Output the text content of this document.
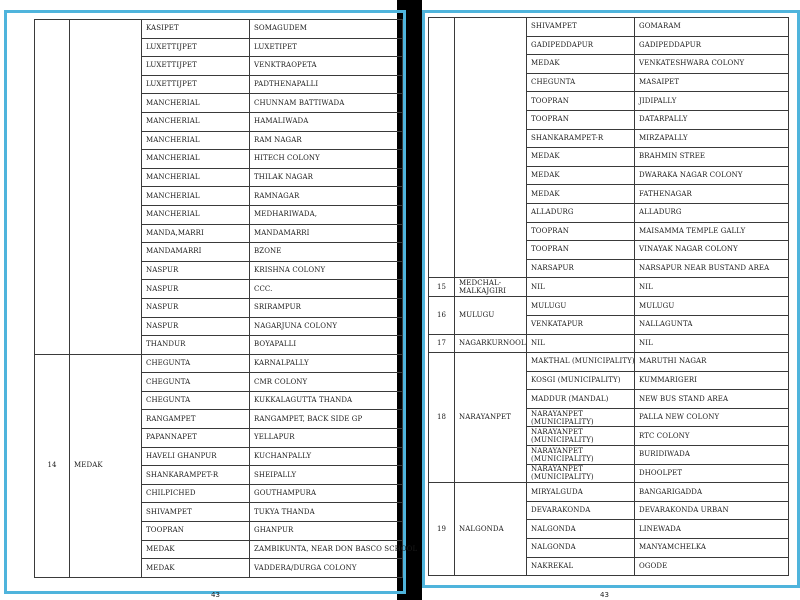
		KASIPET	SOMAGUDEM
		LUXETTIJPET	LUXETIPET
		LUXETTIJPET	VENKTRAOPETA
		LUXETTIJPET	PADTHENAPALLI
		MANCHERIAL	CHUNNAM BATTIWADA
		MANCHERIAL	HAMALIWADA
		MANCHERIAL	RAM NAGAR
		MANCHERIAL	HITECH COLONY
		MANCHERIAL	THILAK NAGAR
		MANCHERIAL	RAMNAGAR
		MANCHERIAL	MEDHARIWADA,
		MANDA,MARRI	MANDAMARRI
		MANDAMARRI	BZONE
		NASPUR	KRISHNA COLONY
		NASPUR	CCC.
		NASPUR	SRIRAMPUR
		NASPUR	NAGARJUNA COLONY
		THANDUR	BOYAPALLI
14	MEDAK	CHEGUNTA	KARNALPALLY
		CHEGUNTA	CMR COLONY
		CHEGUNTA	KUKKALAGUTTA THANDA
		RANGAMPET	RANGAMPET, BACK SIDE GP
		PAPANNAPET	YELLAPUR
		HAVELI GHANPUR	KUCHANPALLY
		SHANKARAMPET-R	SHEIPALLY
		CHILPICHED	GOUTHAMPURA
		SHIVAMPET	TUKYA THANDA
		TOOPRAN	GHANPUR
		MEDAK	ZAMBIKUNTA, NEAR DON BASCO SCHOOL
		MEDAK	VADDERA/DURGA COLONY
43
		SHIVAMPET	GOMARAM
		GADIPEDDAPUR	GADIPEDDAPUR
		MEDAK	VENKATESHWARA COLONY
		CHEGUNTA	MASAIPET
		TOOPRAN	JIDIPALLY
		TOOPRAN	DATARPALLY
		SHANKARAMPET-R	MIRZAPALLY
		MEDAK	BRAHMIN STREE
		MEDAK	DWARAKA NAGAR COLONY
		MEDAK	FATHENAGAR
		ALLADURG	ALLADURG
		TOOPRAN	MAISAMMA TEMPLE GALLY
		TOOPRAN	VINAYAK NAGAR COLONY
		NARSAPUR	NARSAPUR NEAR BUSTAND AREA
15	MEDCHAL-MALKAJGIRI	NIL	NIL
16	MULUGU	MULUGU	MULUGU
		VENKATAPUR	NALLAGUNTA
17	NAGARKURNOOL	NIL	NIL
18	NARAYANPET	MAKTHAL (MUNICIPALITY)	MARUTHI NAGAR
		KOSGI (MUNICIPALITY)	KUMMARIGERI
		MADDUR (MANDAL)	NEW BUS STAND AREA
		NARAYANPET (MUNICIPALITY)	PALLA NEW COLONY
		NARAYANPET (MUNICIPALITY)	RTC COLONY
		NARAYANPET (MUNICIPALITY)	BURIDIWADA
		NARAYANPET (MUNICIPALITY)	DHOOLPET
19	NALGONDA	MIRYALGUDA	BANGARIGADDA
		DEVARAKONDA	DEVARAKONDA URBAN
		NALGONDA	LINEWADA
		NALGONDA	MANYAMCHELKA
		NAKREKAL	OGODE
43
